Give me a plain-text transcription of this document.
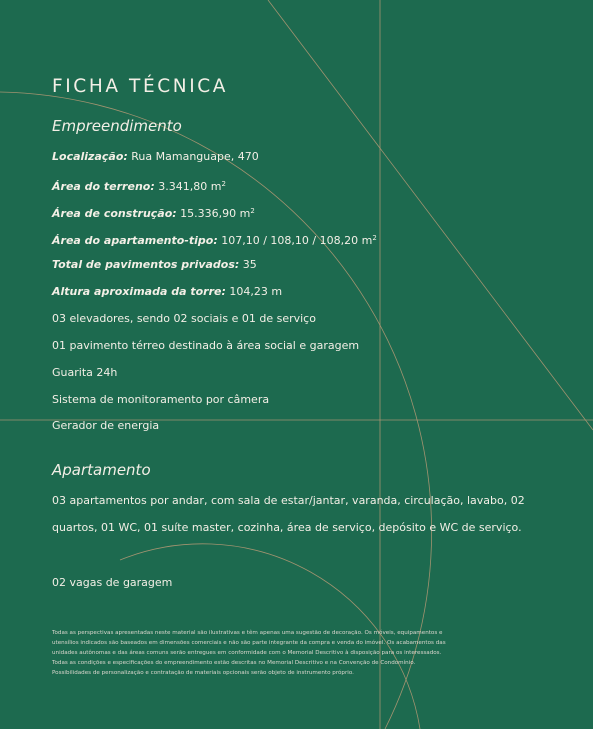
FICHA TÉCNICA
Empreendimento
Localização: Rua Mamanguape, 470
Área do terreno: 3.341,80 $m^2$
Área de construção: 15.336,90 $m^2$
Área do apartamento-tipo: 107,10 / 108,10 / 108,20 $m^2$
Total de pavimentos privados: 35
Altura aproximada da torre: 104,23 m
03 elevadores, sendo 02 sociais e 01 de serviço
01 pavimento térreo destinado à área social e garagem
Guarita 24h
Sistema de monitoramento por câmera
Gerador de energia
Apartamento
03 apartamentos por andar, com sala de estar/jantar, varanda, circulação, lavabo, 02
quartos, 01 WC, 01 suíte master, cozinha, área de serviço, depósito e WC de serviço.
02 vagas de garagem
Todas as perspectivas apresentadas neste material são ilustrativas e têm apenas uma sugestão de decoração. Os móveis, equipamentos e
utensílios indicados são baseados em dimensões comerciais e não são parte integrante da compra e venda do imóvel. Os acabamentos das
unidades autônomas e das áreas comuns serão entregues em conformidade com o Memorial Descritivo à disposição para os interessados.
Todas as condições e especificações do empreendimento estão descritas no Memorial Descritivo e na Convenção de Condomínio.
Possibilidades de personalização e contratação de materiais opcionais serão objeto de instrumento próprio.
